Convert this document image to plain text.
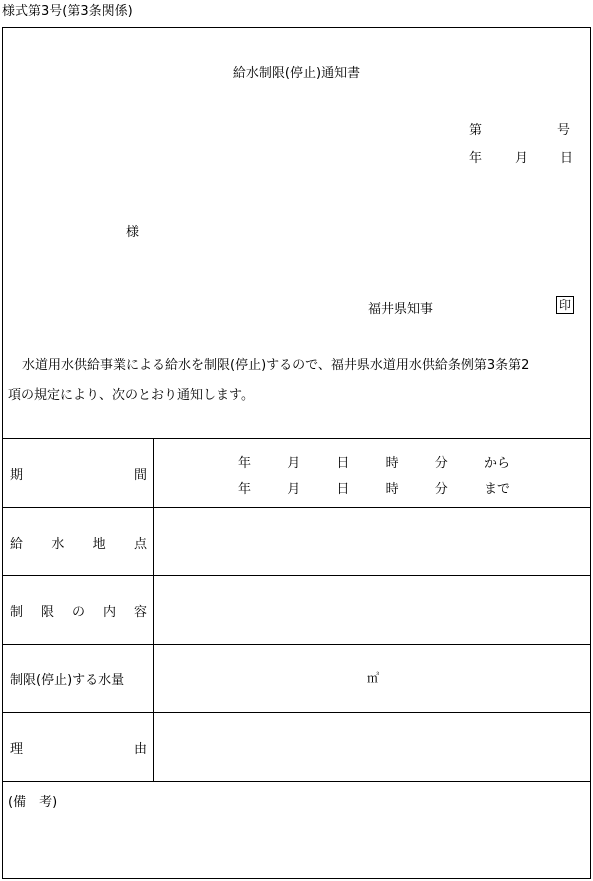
様式第3号(第3条関係)
給水制限(停止)通知書
第	号
年	月 日
様
福井県知事	印
水道用水供給事業による給水を制限(停止)するので、福井県水道用水供給条例第3条第2
項の規定により、次のとおり通知します。
期	間
年	月	日	時	分	から
年	月	日	時	分	まで
給 水 地 点
制 限 の 内 容
制限(停止)する水量	㎥
理	由
(備　考)
